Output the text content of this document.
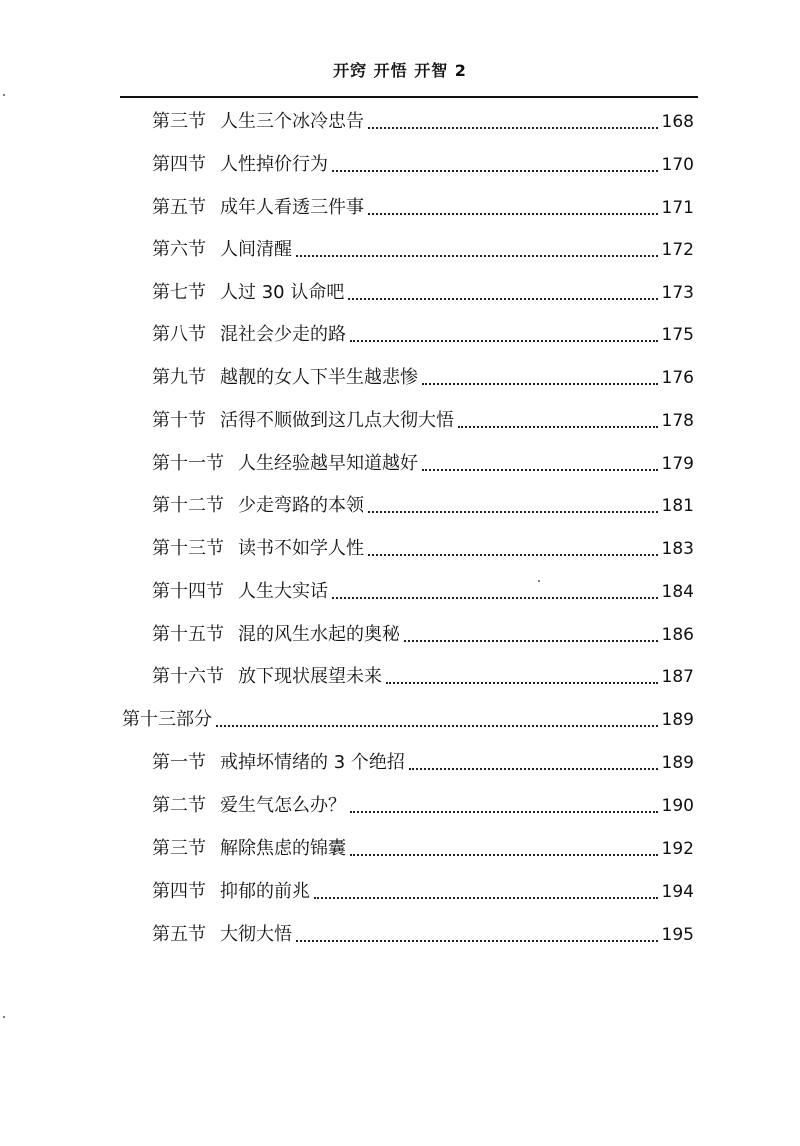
开窍 开悟 开智 2
第三节 人生三个冰冷忠告	168
第四节 人性掉价行为	170
第五节 成年人看透三件事	171
第六节 人间清醒	172
第七节 人过 30 认命吧	173
第八节 混社会少走的路	175
第九节 越靓的女人下半生越悲惨	176
第十节 活得不顺做到这几点大彻大悟	178
第十一节 人生经验越早知道越好	179
第十二节 少走弯路的本领	181
第十三节 读书不如学人性	183
第十四节 人生大实话	184
第十五节 混的风生水起的奥秘	186
第十六节 放下现状展望未来	187
第十三部分	189
第一节 戒掉坏情绪的 3 个绝招	189
第二节 爱生气怎么办？	190
第三节 解除焦虑的锦囊	192
第四节 抑郁的前兆	194
第五节 大彻大悟	195
